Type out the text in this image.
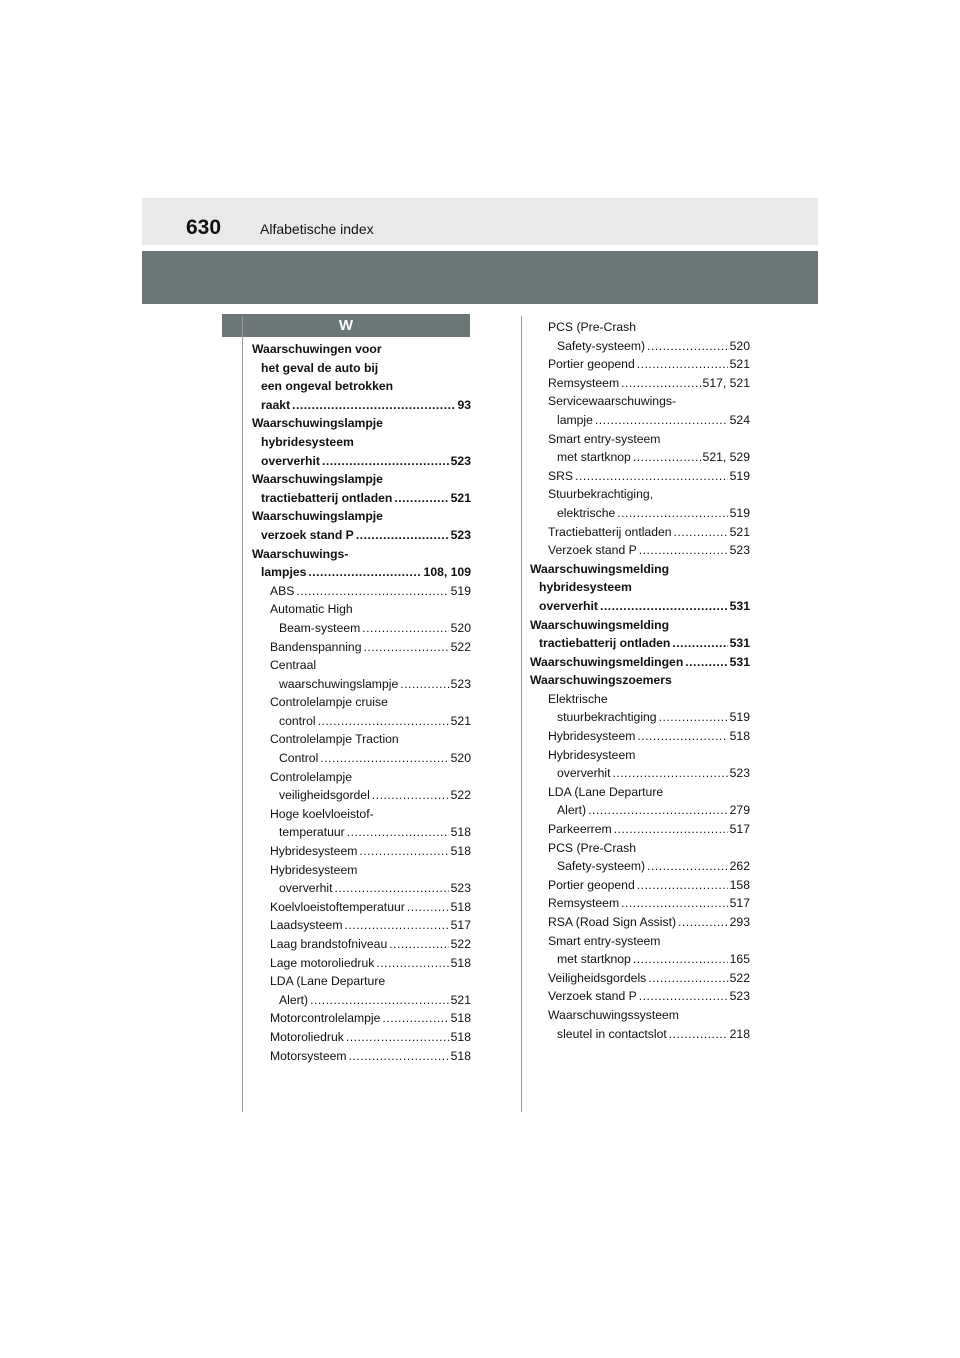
630	Alfabetische index
W
Waarschuwingen voor
het geval de auto bij
een ongeval betrokken
raakt .....	93
Waarschuwingslampje
hybridesysteem
oververhit .....	523
Waarschuwingslampje
tractiebatterij ontladen .....	521
Waarschuwingslampje
verzoek stand P .....	523
Waarschuwings-
lampjes .....	108, 109
ABS .....	519
Automatic High
Beam-systeem .....	520
Bandenspanning .....	522
Centraal
waarschuwingslampje .....	523
Controlelampje cruise
control .....	521
Controlelampje Traction
Control .....	520
Controlelampje
veiligheidsgordel .....	522
Hoge koelvloeistof-
temperatuur .....	518
Hybridesysteem .....	518
Hybridesysteem
oververhit .....	523
Koelvloeistoftemperatuur .....	518
Laadsysteem .....	517
Laag brandstofniveau .....	522
Lage motoroliedruk .....	518
LDA (Lane Departure
Alert) .....	521
Motorcontrolelampje .....	518
Motoroliedruk .....	518
Motorsysteem .....	518
PCS (Pre-Crash
Safety-systeem) .....	520
Portier geopend .....	521
Remsysteem .....	517, 521
Servicewaarschuwings-
lampje .....	524
Smart entry-systeem
met startknop .....	521, 529
SRS .....	519
Stuurbekrachtiging,
elektrische .....	519
Tractiebatterij ontladen .....	521
Verzoek stand P .....	523
Waarschuwingsmelding
hybridesysteem
oververhit .....	531
Waarschuwingsmelding
tractiebatterij ontladen .....	531
Waarschuwingsmeldingen .....	531
Waarschuwingszoemers
Elektrische
stuurbekrachtiging .....	519
Hybridesysteem .....	518
Hybridesysteem
oververhit .....	523
LDA (Lane Departure
Alert) .....	279
Parkeerrem .....	517
PCS (Pre-Crash
Safety-systeem) .....	262
Portier geopend .....	158
Remsysteem .....	517
RSA (Road Sign Assist) .....	293
Smart entry-systeem
met startknop .....	165
Veiligheidsgordels .....	522
Verzoek stand P .....	523
Waarschuwingssysteem
sleutel in contactslot .....	218
